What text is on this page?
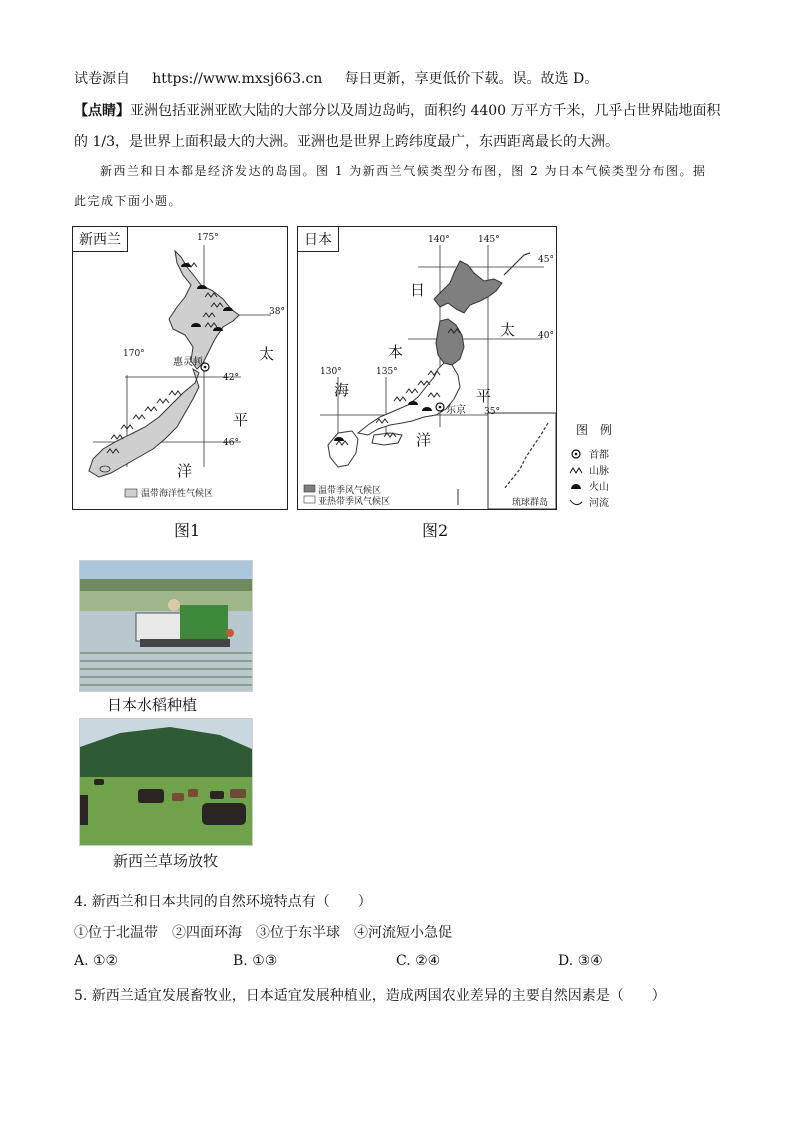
试卷源自 https://www.mxsj663.cn 每日更新，享更低价下载。误。故选 D。
【点睛】亚洲包括亚洲亚欧大陆的大部分以及周边岛屿，面积约 4400 万平方千米，几乎占世界陆地面积
的 1/3，是世界上面积最大的大洲。亚洲也是世界上跨纬度最广，东西距离最长的大洲。
新西兰和日本都是经济发达的岛国。图 1 为新西兰气候类型分布图，图 2 为日本气候类型分布图。据
此完成下面小题。
175°
170°
38°
42°
46°
惠灵顿	太
平
洋
温带海洋性气候区
新西兰
图1
140°	145°
130°	135°
45°
40°
35°
日
本
海
太
平
洋
东京
温带季风气候区
亚热带季风气候区	琉球群岛
日本
图2
图 例
首都
山脉
火山
河流
日本水稻种植
新西兰草场放牧
4. 新西兰和日本共同的自然环境特点有（　　）
①位于北温带　②四面环海　③位于东半球　④河流短小急促
A. ①②	B. ①③	C. ②④	D. ③④
5. 新西兰适宜发展畜牧业，日本适宜发展种植业，造成两国农业差异的主要自然因素是（　　）
